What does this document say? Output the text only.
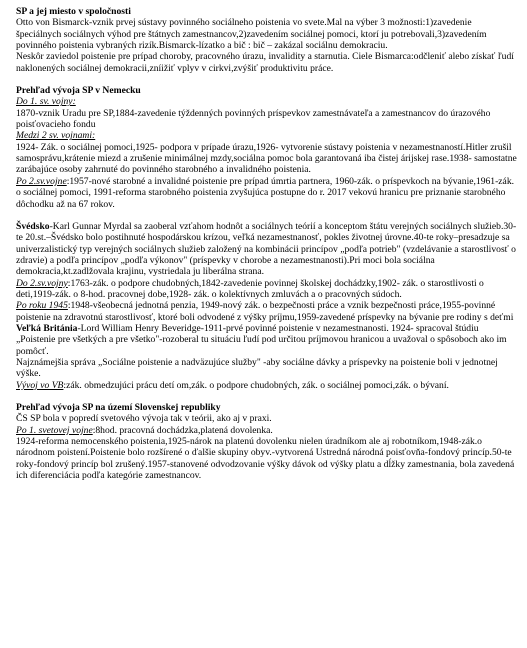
SP a jej miesto v spoločnosti

Otto von Bismarck-vznik prvej sústavy povinného sociálneho poistenia vo svete.Mal na výber 3 možnosti:1)zavedenie špeciálnych sociálnych výhod pre štátnych zamestnancov,2)zavedením sociálnej pomoci, ktorí ju potrebovali,3)zavedením povinného poistenia vybraných rizík.Bismarck-lízatko a bič : bič – zakázal sociálnu demokraciu.

Neskôr zaviedol poistenie pre prípad choroby, pracovného úrazu, invalidity a starnutia. Ciele Bismarca:odčleniť alebo získať ľudí naklonených sociálnej demokracii,zníižiť vplyv v cirkvi,zvýšiť produktivitu práce.

Prehľad vývoja SP v Nemecku

Do 1. sv. vojny:

1870-vznik Uradu pre SP,1884-zavedenie týždenných povinných príspevkov zamestnávateľa a zamestnancov do úrazového poisťovacieho fondu

Medzi 2 sv. vojnami:

1924- Zák. o sociálnej pomoci,1925- podpora v prípade úrazu,1926- vytvorenie sústavy poistenia v nezamestnaností.Hitler zrušil samosprávu,krátenie miezd a zrušenie minimálnej mzdy,sociálna pomoc bola garantovaná iba čistej árijskej rase.1938- samostatne zarábajúce osoby zahrnuté do povinného starobného a invalidného poistenia.

Po 2.sv.vojne:1957-nové starobné a invalidné poistenie pre prípad úmrtia partnera, 1960-zák. o príspevkoch na bývanie,1961-zák. o sociálnej pomoci, 1991-reforma starobného poistenia zvyšujúca postupne do r. 2017 vekovú hranicu pre priznanie starobného dôchodku až na 67 rokov.

Švédsko-Karl Gunnar Myrdal sa zaoberal vzťahom hodnôt a sociálnych teórií a konceptom štátu verejných sociálnych služieb.30-te 20.st.–Švédsko bolo postihnuté hospodárskou krízou, veľká nezamestnanosť, pokles životnej úrovne.40-te roky–presadzuje sa univerzalistický typ verejných sociálnych služieb založený na kombinácii princípov „podľa potrieb" (vzdelávanie a starostlivosť o zdravie) a podľa princípov „podľa výkonov" (príspevky v chorobe a nezamestnanosti).Pri moci bola sociálna demokracia,kt.zadlžovala krajinu, vystriedala ju liberálna strana.

Do 2.sv.vojny:1763-zák. o podpore chudobných,1842-zavedenie povinnej školskej dochádzky,1902- zák. o starostlivosti o deti,1919-zák. o 8-hod. pracovnej dobe,1928- zák. o kolektívnych zmluvách a o pracovných súdoch.

Po roku 1945:1948-všeobecná jednotná penzia, 1949-nový zák. o bezpečnosti práce a vznik bezpečnosti práce,1955-povinné poistenie na zdravotnú starostlivosť, ktoré boli odvodené z výšky príjmu,1959-zavedené príspevky na bývanie pre rodiny s deťmi

Veľká Británia-Lord William Henry Beveridge-1911-prvé povinné poistenie v nezamestnanosti. 1924- spracoval štúdiu „Poistenie pre všetkých a pre všetko"-rozoberal tu situáciu ľudí pod určitou príjmovou hranicou a uvažoval o spôsoboch ako im pomôcť.

Najznámejšia správa „Sociálne poistenie a nadväzujúce služby" -aby sociálne dávky a príspevky na poistenie boli v jednotnej výške.

Vývoj vo VB:zák. obmedzujúci prácu detí om,zák. o podpore chudobných, zák. o sociálnej pomoci,zák. o bývaní.

Prehľad vývoja SP na území Slovenskej republiky

ČS SP bola v popredí svetového vývoja tak v teórii, ako aj v praxi.

Po 1. svetovej vojne:8hod. pracovná dochádzka,platená dovolenka.

1924-reforma nemocenského poistenia,1925-nárok na platenú dovolenku nielen úradníkom ale aj robotníkom,1948-zák.o národnom poistení.Poistenie bolo rozšírené o ďalšie skupiny obyv.-vytvorená Ustredná národná poisťovňa-fondový princíp.50-te roky-fondový princíp bol zrušený.1957-stanovené odvodzovanie výšky dávok od výšky platu a dĺžky zamestnania, bola zavedená ich diferenciácia podľa kategórie zamestnancov.
